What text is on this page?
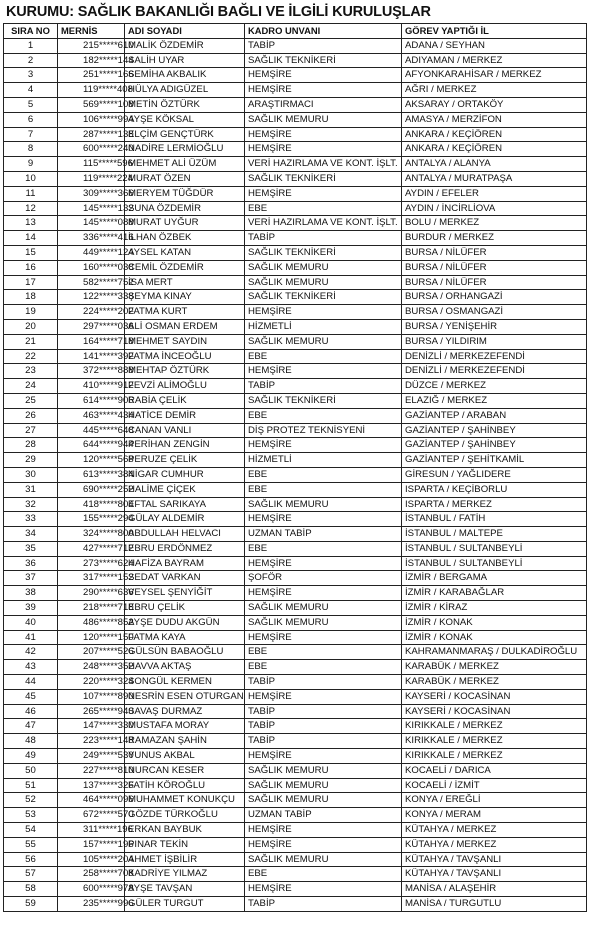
KURUMU: SAĞLIK BAKANLIĞI BAĞLI VE İLGİLİ KURULUŞLAR
SIRA NO	MERNİS	ADI SOYADI	KADRO UNVANI	GÖREV YAPTIĞI İL
1	215*****610	MALİK ÖZDEMİR	TABİP	ADANA / SEYHAN
2	182*****144	SALİH UYAR	SAĞLIK TEKNİKERİ	ADIYAMAN / MERKEZ
3	251*****166	SEMİHA AKBALIK	HEMŞİRE	AFYONKARAHİSAR / MERKEZ
4	119*****408	HÜLYA ADIGÜZEL	HEMŞİRE	AĞRI / MERKEZ
5	569*****108	METİN ÖZTÜRK	ARAŞTIRMACI	AKSARAY / ORTAKÖY
6	106*****994	AYŞE KÖKSAL	SAĞLIK MEMURU	AMASYA / MERZİFON
7	287*****138	ELÇİM GENÇTÜRK	HEMŞİRE	ANKARA / KEÇİÖREN
8	600*****240	NADİRE LERMİOĞLU	HEMŞİRE	ANKARA / KEÇİÖREN
9	115*****596	MEHMET ALİ ÜZÜM	VERİ HAZIRLAMA VE KONT. İŞLT.	ANTALYA / ALANYA
10	119*****224	MURAT ÖZEN	SAĞLIK TEKNİKERİ	ANTALYA / MURATPAŞA
11	309*****366	MERYEM TÜĞDÜR	HEMŞİRE	AYDIN / EFELER
12	145*****132	SUNA ÖZDEMİR	EBE	AYDIN / İNCİRLİOVA
13	145*****088	MURAT UYĞUR	VERİ HAZIRLAMA VE KONT. İŞLT.	BOLU / MERKEZ
14	336*****416	İLHAN ÖZBEK	TABİP	BURDUR / MERKEZ
15	449*****124	AYSEL KATAN	SAĞLIK TEKNİKERİ	BURSA / NİLÜFER
16	160*****038	CEMİL ÖZDEMİR	SAĞLIK MEMURU	BURSA / NİLÜFER
17	582*****752	İSA MERT	SAĞLIK MEMURU	BURSA / NİLÜFER
18	122*****338	ŞEYMA KINAY	SAĞLIK TEKNİKERİ	BURSA / ORHANGAZİ
19	224*****202	FATMA KURT	HEMŞİRE	BURSA / OSMANGAZİ
20	297*****036	ALİ OSMAN ERDEM	HİZMETLİ	BURSA / YENİŞEHİR
21	164*****718	MEHMET SAYDIN	SAĞLIK MEMURU	BURSA / YILDIRIM
22	141*****392	FATMA İNCEOĞLU	EBE	DENİZLİ / MERKEZEFENDİ
23	372*****888	MEHTAP ÖZTÜRK	HEMŞİRE	DENİZLİ / MERKEZEFENDİ
24	410*****912	FEVZİ ALİMOĞLU	TABİP	DÜZCE / MERKEZ
25	614*****906	RABİA ÇELİK	SAĞLIK TEKNİKERİ	ELAZIĞ / MERKEZ
26	463*****434	HATİCE DEMİR	EBE	GAZİANTEP / ARABAN
27	445*****648	CANAN VANLI	DİŞ PROTEZ TEKNİSYENİ	GAZİANTEP / ŞAHİNBEY
28	644*****944	PERİHAN ZENGİN	HEMŞİRE	GAZİANTEP / ŞAHİNBEY
29	120*****568	PERUZE ÇELİK	HİZMETLİ	GAZİANTEP / ŞEHİTKAMİL
30	613*****384	NİGAR CUMHUR	EBE	GİRESUN / YAĞLIDERE
31	690*****252	HALİME ÇİÇEK	EBE	ISPARTA / KEÇİBORLU
32	418*****804	EFTAL SARIKAYA	SAĞLIK MEMURU	ISPARTA / MERKEZ
33	155*****294	GÜLAY ALDEMİR	HEMŞİRE	İSTANBUL / FATİH
34	324*****800	ABDULLAH HELVACI	UZMAN TABİP	İSTANBUL / MALTEPE
35	427*****712	EBRU ERDÖNMEZ	EBE	İSTANBUL / SULTANBEYLİ
36	273*****624	HAFİZA BAYRAM	HEMŞİRE	İSTANBUL / SULTANBEYLİ
37	317*****152	SEDAT VARKAN	ŞOFÖR	İZMİR / BERGAMA
38	290*****636	VEYSEL ŞENYİĞİT	HEMŞİRE	İZMİR / KARABAĞLAR
39	218*****718	EBRU ÇELİK	SAĞLIK MEMURU	İZMİR / KİRAZ
40	486*****852	AYŞE DUDU AKGÜN	SAĞLIK MEMURU	İZMİR / KONAK
41	120*****150	FATMA KAYA	HEMŞİRE	İZMİR / KONAK
42	207*****526	GÜLSÜN BABAOĞLU	EBE	KAHRAMANMARAŞ / DULKADİROĞLU
43	248*****352	HAVVA AKTAŞ	EBE	KARABÜK / MERKEZ
44	220*****324	SONGÜL KERMEN	TABİP	KARABÜK / MERKEZ
45	107*****890	NESRİN ESEN OTURGAN	HEMŞİRE	KAYSERİ / KOCASİNAN
46	265*****940	SAVAŞ DURMAZ	TABİP	KAYSERİ / KOCASİNAN
47	147*****330	MUSTAFA MORAY	TABİP	KIRIKKALE / MERKEZ
48	223*****148	RAMAZAN ŞAHİN	TABİP	KIRIKKALE / MERKEZ
49	249*****530	YUNUS AKBAL	HEMŞİRE	KIRIKKALE / MERKEZ
50	227*****810	NURCAN KESER	SAĞLIK MEMURU	KOCAELİ / DARICA
51	137*****326	FATİH KÖROĞLU	SAĞLIK MEMURU	KOCAELİ / İZMİT
52	464*****096	MUHAMMET KONUKÇU	SAĞLIK MEMURU	KONYA / EREĞLİ
53	672*****570	GÖZDE TÜRKOĞLU	UZMAN TABİP	KONYA / MERAM
54	311*****196	ERKAN BAYBUK	HEMŞİRE	KÜTAHYA / MERKEZ
55	157*****196	PINAR TEKİN	HEMŞİRE	KÜTAHYA / MERKEZ
56	105*****204	AHMET İŞBİLİR	SAĞLIK MEMURU	KÜTAHYA / TAVŞANLI
57	258*****708	KADRİYE YILMAZ	EBE	KÜTAHYA / TAVŞANLI
58	600*****978	AYŞE TAVŞAN	HEMŞİRE	MANİSA / ALAŞEHİR
59	235*****996	GÜLER TURGUT	TABİP	MANİSA / TURGUTLU
